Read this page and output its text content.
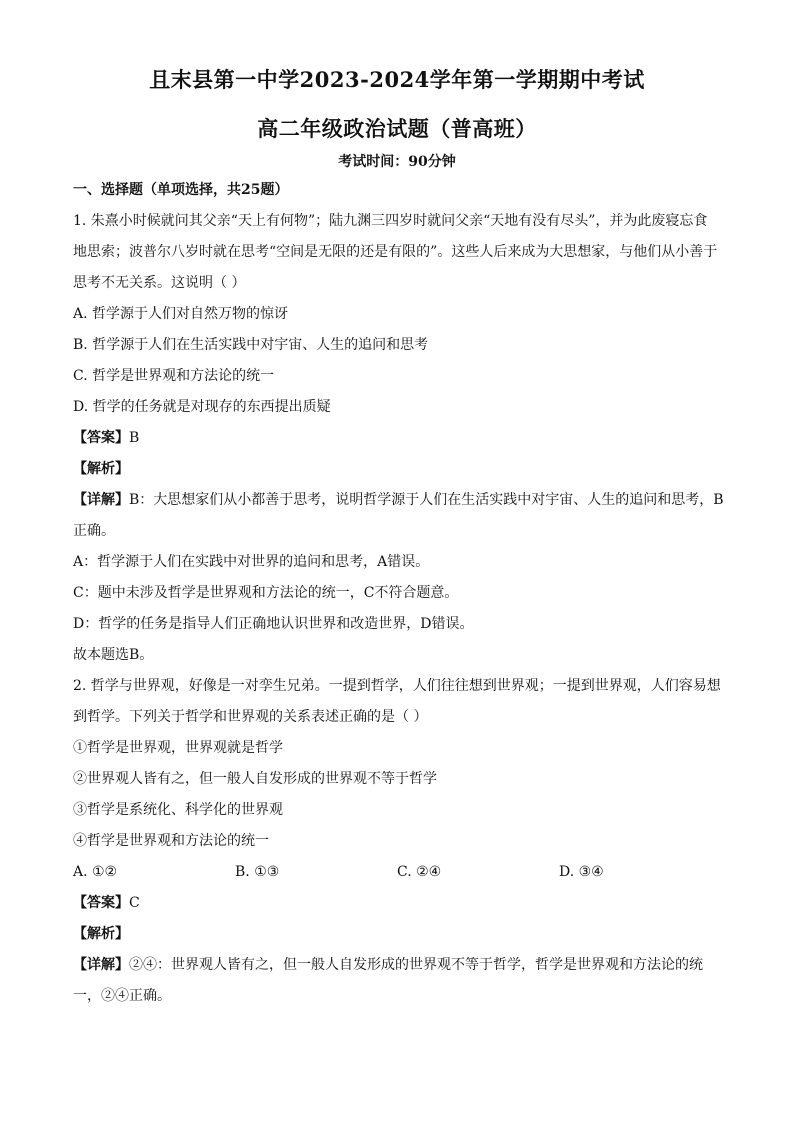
且末县第一中学2023-2024学年第一学期期中考试
高二年级政治试题（普高班）
考试时间：90分钟
一、选择题（单项选择，共25题）
1. 朱熹小时候就问其父亲“天上有何物”；陆九渊三四岁时就问父亲“天地有没有尽头”，并为此废寝忘食
地思索；波普尔八岁时就在思考“空间是无限的还是有限的”。这些人后来成为大思想家，与他们从小善于
思考不无关系。这说明（ ）
A. 哲学源于人们对自然万物的惊讶
B. 哲学源于人们在生活实践中对宇宙、人生的追问和思考
C. 哲学是世界观和方法论的统一
D. 哲学的任务就是对现存的东西提出质疑
【答案】B
【解析】
【详解】B：大思想家们从小都善于思考，说明哲学源于人们在生活实践中对宇宙、人生的追问和思考，B
正确。
A：哲学源于人们在实践中对世界的追问和思考，A错误。
C：题中未涉及哲学是世界观和方法论的统一，C不符合题意。
D：哲学的任务是指导人们正确地认识世界和改造世界，D错误。
故本题选B。
2. 哲学与世界观，好像是一对孪生兄弟。一提到哲学，人们往往想到世界观；一提到世界观，人们容易想
到哲学。下列关于哲学和世界观的关系表述正确的是（ ）
①哲学是世界观，世界观就是哲学
②世界观人皆有之，但一般人自发形成的世界观不等于哲学
③哲学是系统化、科学化的世界观
④哲学是世界观和方法论的统一
A. ①②	B. ①③	C. ②④	D. ③④
【答案】C
【解析】
【详解】②④：世界观人皆有之，但一般人自发形成的世界观不等于哲学，哲学是世界观和方法论的统
一，②④正确。
